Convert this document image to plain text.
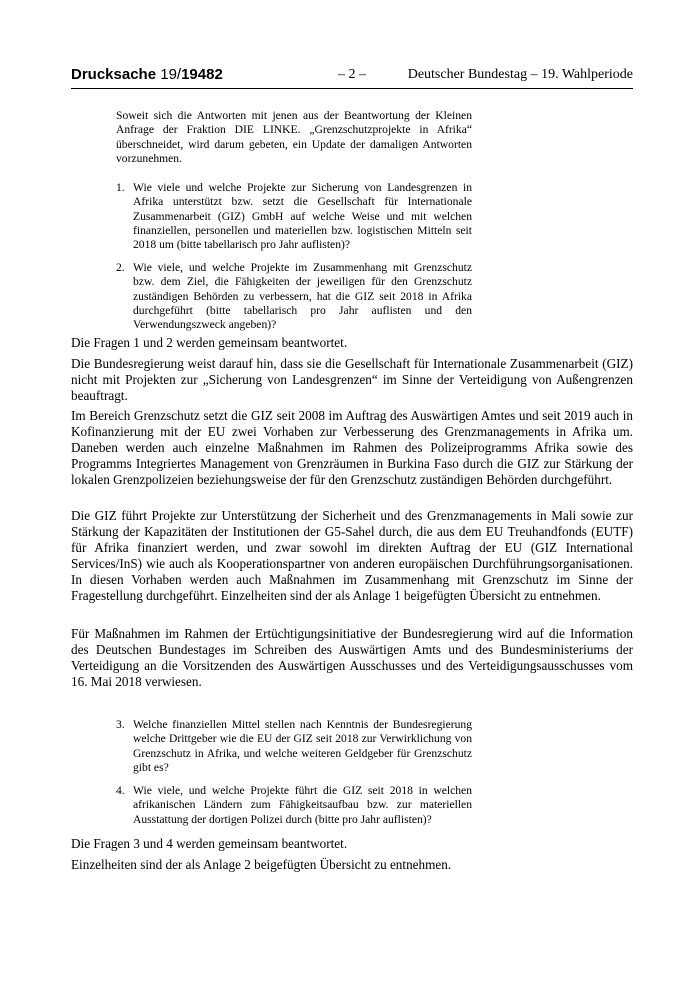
Drucksache 19/19482	– 2 –	Deutscher Bundestag – 19. Wahlperiode
Soweit sich die Antworten mit jenen aus der Beantwortung der Kleinen Anfrage der Fraktion DIE LINKE. „Grenzschutzprojekte in Afrika“ überschneidet, wird darum gebeten, ein Update der damaligen Antworten vorzunehmen.
1. Wie viele und welche Projekte zur Sicherung von Landesgrenzen in Afrika unterstützt bzw. setzt die Gesellschaft für Internationale Zusammenarbeit (GIZ) GmbH auf welche Weise und mit welchen finanziellen, personellen und materiellen bzw. logistischen Mitteln seit 2018 um (bitte tabellarisch pro Jahr auflisten)?
2. Wie viele, und welche Projekte im Zusammenhang mit Grenzschutz bzw. dem Ziel, die Fähigkeiten der jeweiligen für den Grenzschutz zuständigen Behörden zu verbessern, hat die GIZ seit 2018 in Afrika durchgeführt (bitte tabellarisch pro Jahr auflisten und den Verwendungszweck angeben)?
Die Fragen 1 und 2 werden gemeinsam beantwortet.
Die Bundesregierung weist darauf hin, dass sie die Gesellschaft für Internationale Zusammenarbeit (GIZ) nicht mit Projekten zur „Sicherung von Landesgrenzen“ im Sinne der Verteidigung von Außengrenzen beauftragt.
Im Bereich Grenzschutz setzt die GIZ seit 2008 im Auftrag des Auswärtigen Amtes und seit 2019 auch in Kofinanzierung mit der EU zwei Vorhaben zur Verbesserung des Grenzmanagements in Afrika um. Daneben werden auch einzelne Maßnahmen im Rahmen des Polizeiprogramms Afrika sowie des Programms Integriertes Management von Grenzräumen in Burkina Faso durch die GIZ zur Stärkung der lokalen Grenzpolizeien beziehungsweise der für den Grenzschutz zuständigen Behörden durchgeführt.
Die GIZ führt Projekte zur Unterstützung der Sicherheit und des Grenzmanagements in Mali sowie zur Stärkung der Kapazitäten der Institutionen der G5-Sahel durch, die aus dem EU Treuhandfonds (EUTF) für Afrika finanziert werden, und zwar sowohl im direkten Auftrag der EU (GIZ International Services/InS) wie auch als Kooperationspartner von anderen europäischen Durchführungsorganisationen. In diesen Vorhaben werden auch Maßnahmen im Zusammenhang mit Grenzschutz im Sinne der Fragestellung durchgeführt. Einzelheiten sind der als Anlage 1 beigefügten Übersicht zu entnehmen.
Für Maßnahmen im Rahmen der Ertüchtigungsinitiative der Bundesregierung wird auf die Information des Deutschen Bundestages im Schreiben des Auswärtigen Amts und des Bundesministeriums der Verteidigung an die Vorsitzenden des Auswärtigen Ausschusses und des Verteidigungsausschusses vom 16. Mai 2018 verwiesen.
3. Welche finanziellen Mittel stellen nach Kenntnis der Bundesregierung welche Drittgeber wie die EU der GIZ seit 2018 zur Verwirklichung von Grenzschutz in Afrika, und welche weiteren Geldgeber für Grenzschutz gibt es?
4. Wie viele, und welche Projekte führt die GIZ seit 2018 in welchen afrikanischen Ländern zum Fähigkeitsaufbau bzw. zur materiellen Ausstattung der dortigen Polizei durch (bitte pro Jahr auflisten)?
Die Fragen 3 und 4 werden gemeinsam beantwortet.
Einzelheiten sind der als Anlage 2 beigefügten Übersicht zu entnehmen.
